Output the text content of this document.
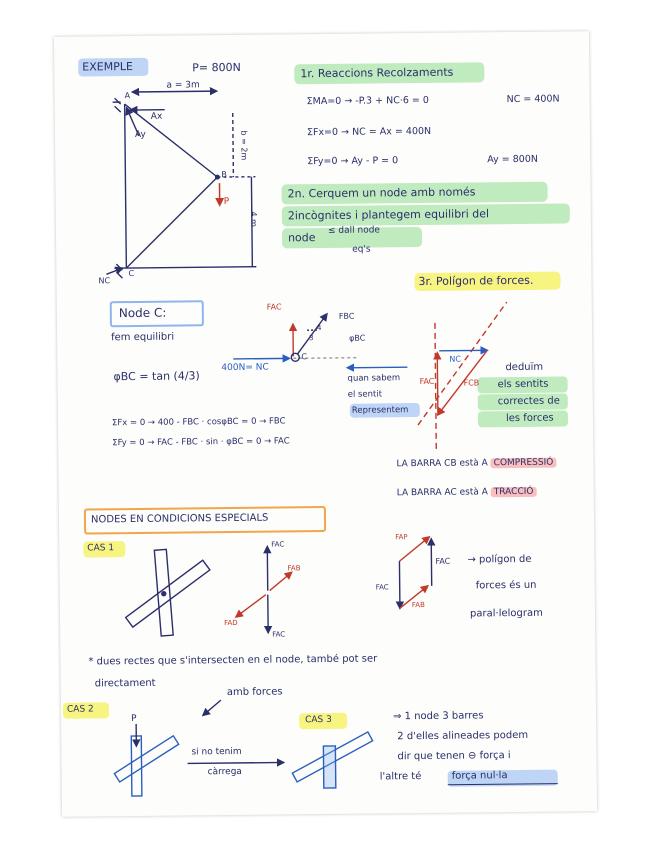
EXEMPLE	P= 800N
a = 3m
A
Ax
Ay	b = 2m
B
P
4 m
C
NC
1r. Reaccions Recolzaments
ΣMA=0 → -P.3 + NC·6 = 0	NC = 400N
ΣFx=0 → NC = Ax = 400N
ΣFy=0 → Ay - P = 0	Ay = 800N
2n. Cerquem un node amb només
2incògnites i plantegem equilibri del
node
≤ dall node
eq's
3r. Polígon de forces.
Node C:
fem equilibri
φBC = tan (4/3)
FAC
FBC
φBC
4
3
C
400N= NC
ΣFx = 0 → 400 - FBC · cosφBC = 0 → FBC
ΣFy = 0 → FAC - FBC · sin · φBC = 0 → FAC
NC
FAC	FCB
quan sabem
el sentit
Representem
deduïm
els sentits
correctes de
les forces
LA BARRA CB està A COMPRESSIÓ
LA BARRA AC està A TRACCIÓ
NODES EN CONDICIONS ESPECIALS
CAS 1	FAC
FAB
FAD
FAC
FAP
FAC
FAC
FAB
→ polígon de
forces és un
paral·lelogram
* dues rectes que s'intersecten en el node, també pot ser
directament
amb forces
CAS 2
CAS 3
P
si no tenim
càrrega
⇒ 1 node 3 barres
2 d'elles alineades podem
dir que tenen ⊖ força i
l'altre té	força nul·la
